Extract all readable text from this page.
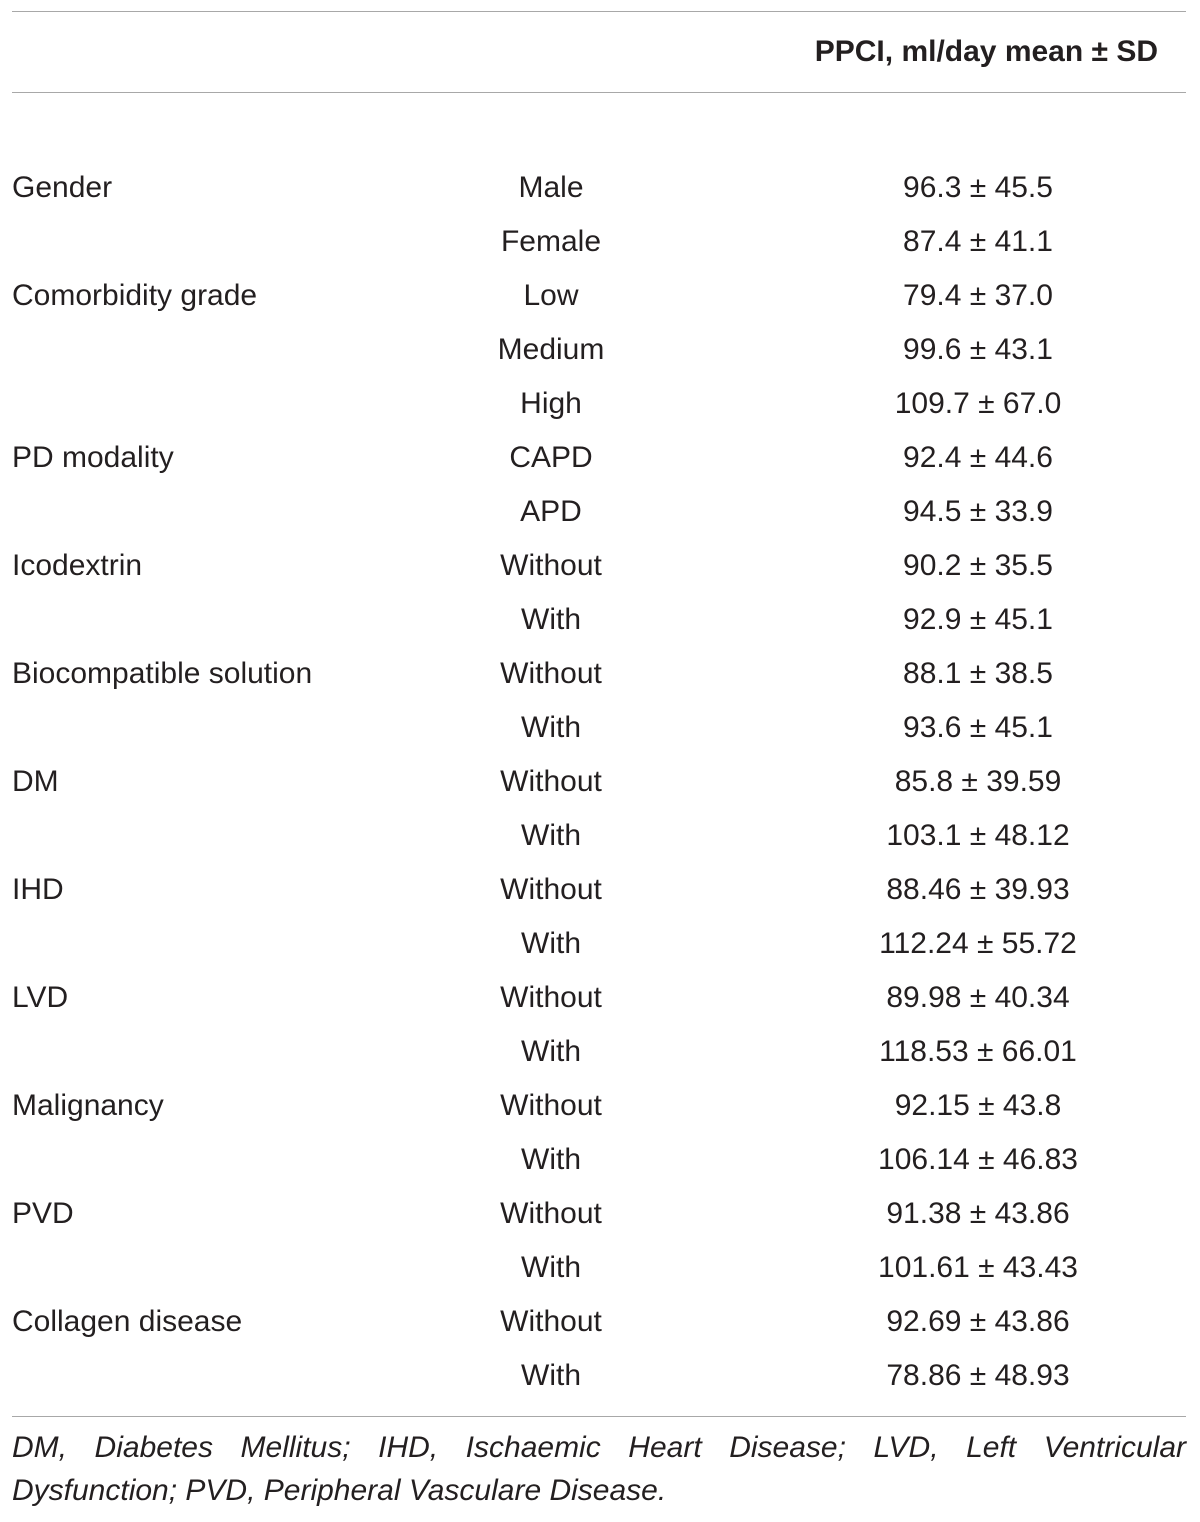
PPCI, ml/day mean ± SD
Gender	Male	96.3 ± 45.5
Female	87.4 ± 41.1
Comorbidity grade	Low	79.4 ± 37.0
Medium	99.6 ± 43.1
High	109.7 ± 67.0
PD modality	CAPD	92.4 ± 44.6
APD	94.5 ± 33.9
Icodextrin	Without	90.2 ± 35.5
With	92.9 ± 45.1
Biocompatible solution	Without	88.1 ± 38.5
With	93.6 ± 45.1
DM	Without	85.8 ± 39.59
With	103.1 ± 48.12
IHD	Without	88.46 ± 39.93
With	112.24 ± 55.72
LVD	Without	89.98 ± 40.34
With	118.53 ± 66.01
Malignancy	Without	92.15 ± 43.8
With	106.14 ± 46.83
PVD	Without	91.38 ± 43.86
With	101.61 ± 43.43
Collagen disease	Without	92.69 ± 43.86
With	78.86 ± 48.93
DM, Diabetes Mellitus; IHD, Ischaemic Heart Disease; LVD, Left Ventricular Dysfunction; PVD, Peripheral Vasculare Disease.
